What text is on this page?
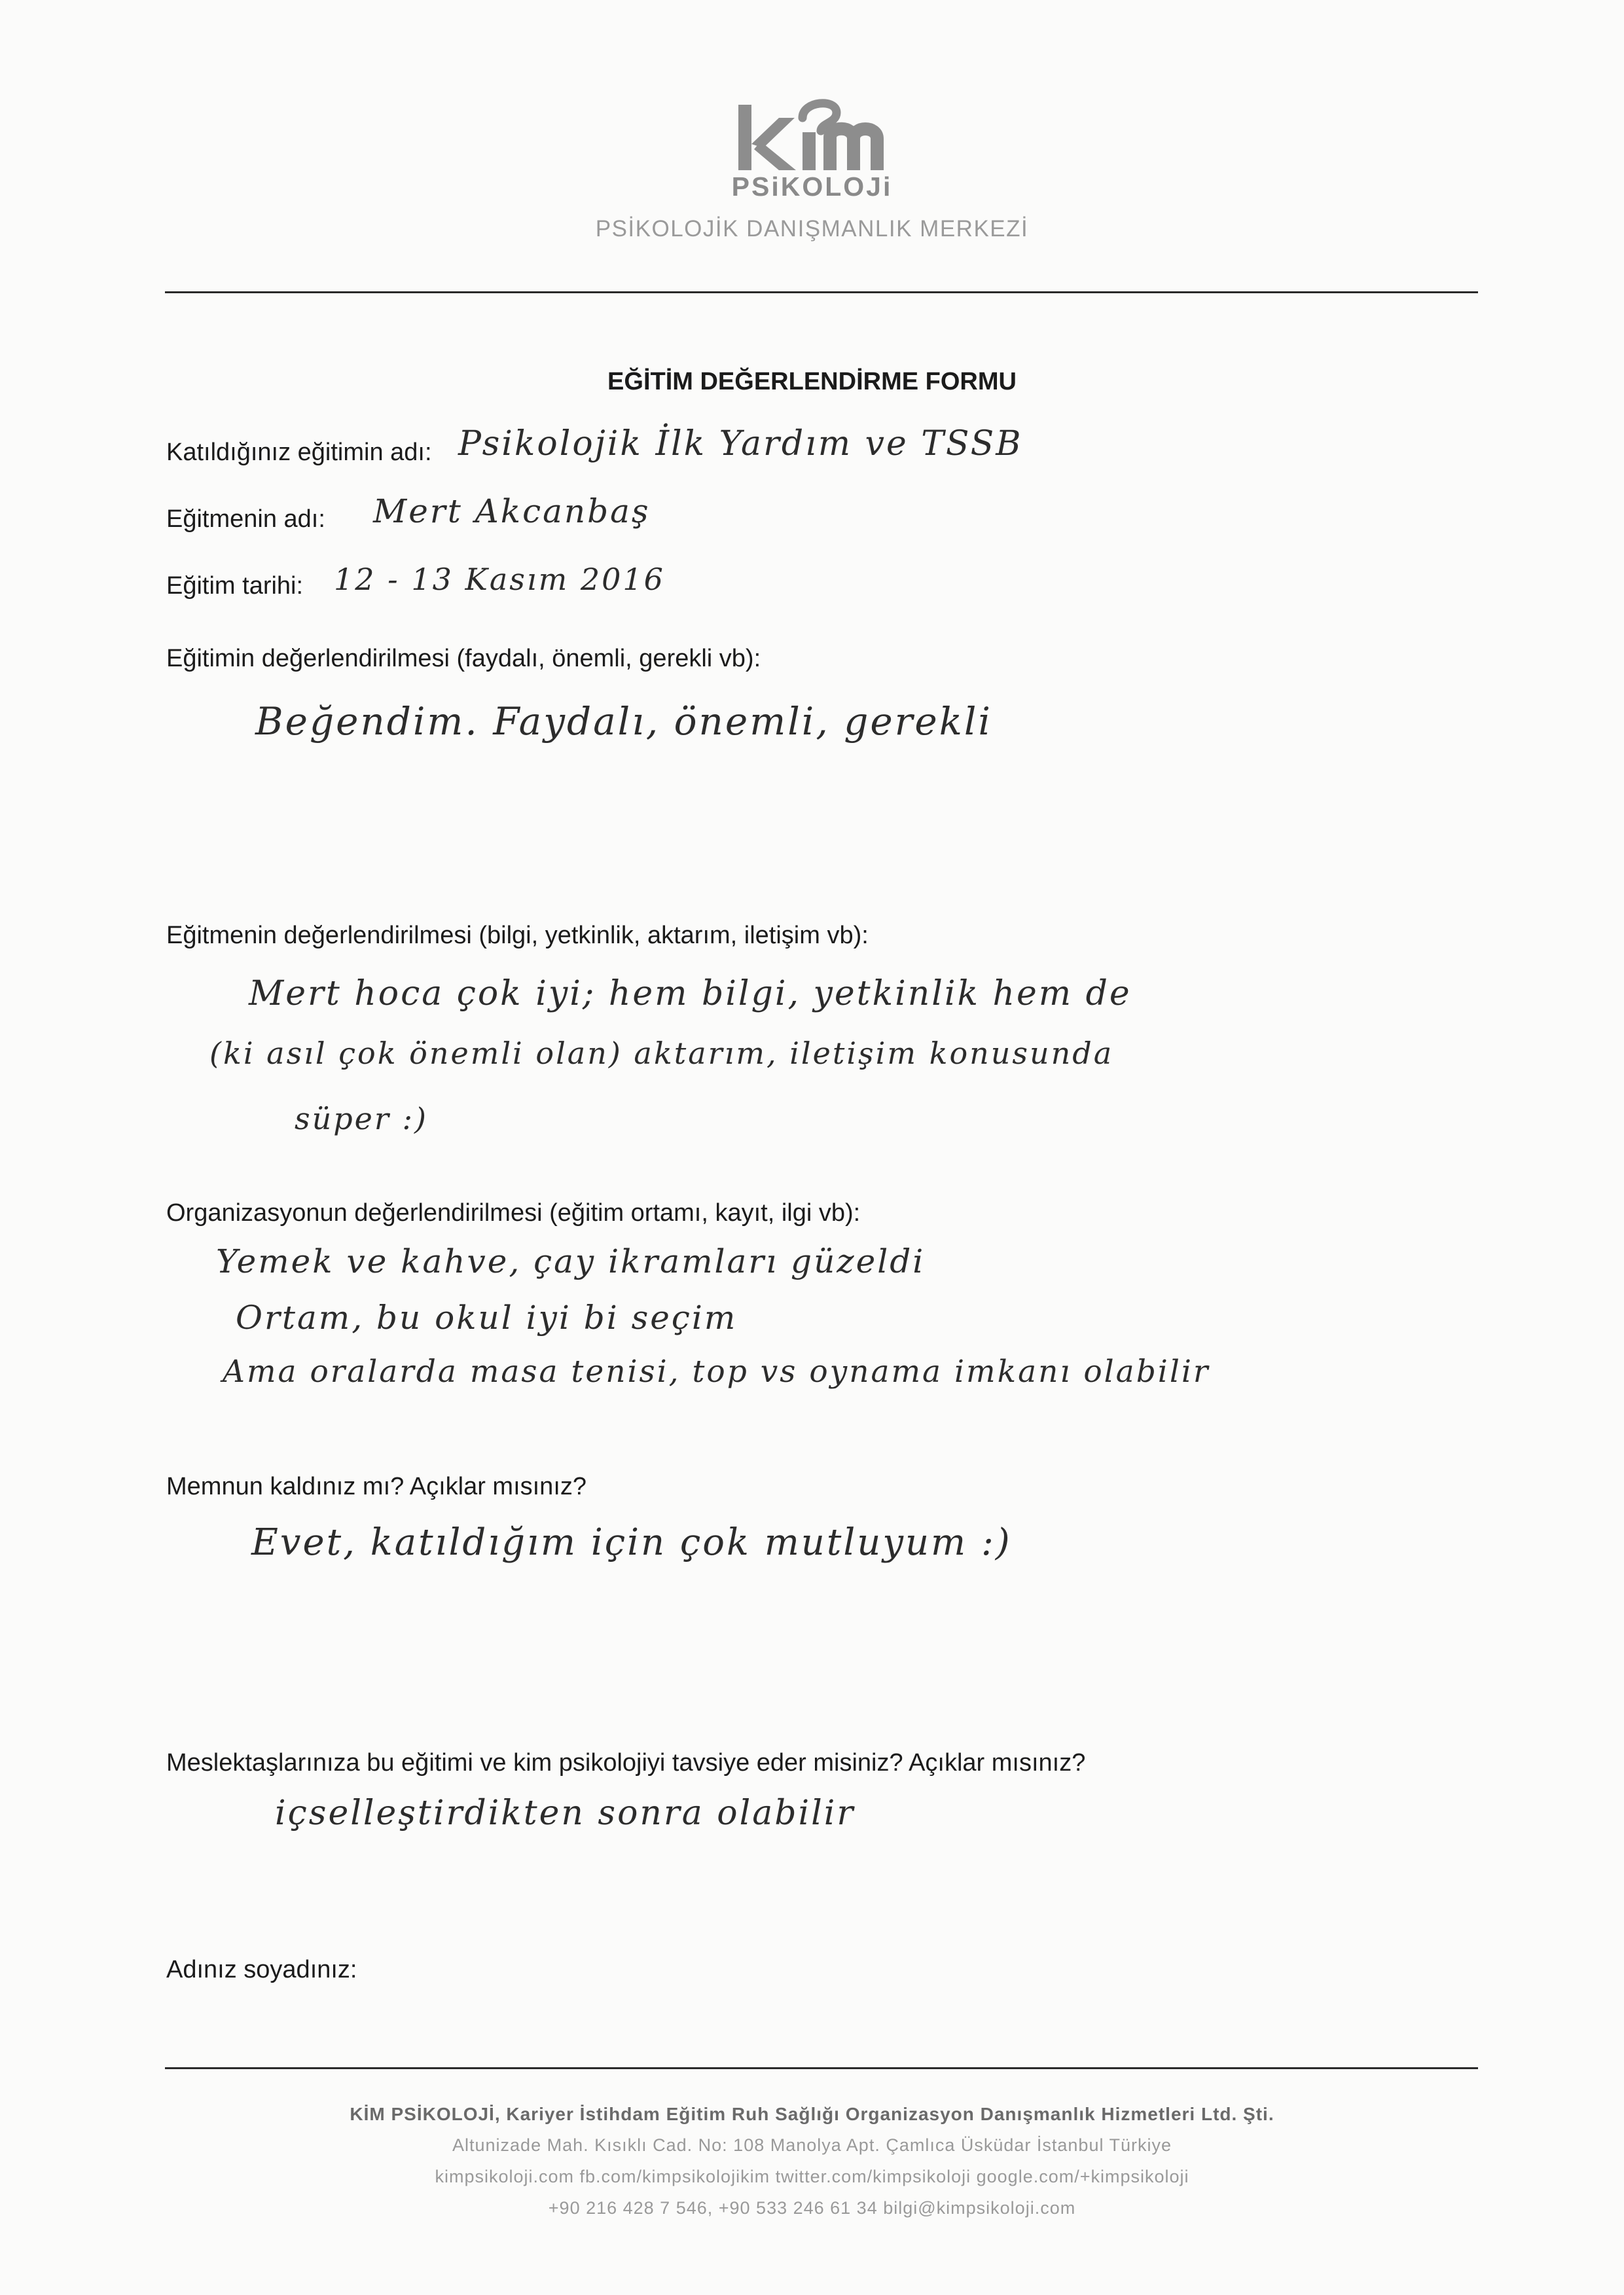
PSiKOLOJi
PSİKOLOJİK DANIŞMANLIK MERKEZİ
EĞİTİM DEĞERLENDİRME FORMU
Katıldığınız eğitimin adı: Psikolojik İlk Yardım ve TSSB
Eğitmenin adı: Mert Akcanbaş
Eğitim tarihi: 12 - 13 Kasım 2016
Eğitimin değerlendirilmesi (faydalı, önemli, gerekli vb):
Beğendim. Faydalı, önemli, gerekli
Eğitmenin değerlendirilmesi (bilgi, yetkinlik, aktarım, iletişim vb):
Mert hoca çok iyi; hem bilgi, yetkinlik hem de
(ki asıl çok önemli olan) aktarım, iletişim konusunda
süper :)
Organizasyonun değerlendirilmesi (eğitim ortamı, kayıt, ilgi vb):
Yemek ve kahve, çay ikramları güzeldi
Ortam, bu okul iyi bi seçim
Ama oralarda masa tenisi, top vs oynama imkanı olabilir
Memnun kaldınız mı? Açıklar mısınız?
Evet, katıldığım için çok mutluyum :)
Meslektaşlarınıza bu eğitimi ve kim psikolojiyi tavsiye eder misiniz? Açıklar mısınız?
içselleştirdikten sonra olabilir
Adınız soyadınız:
KİM PSİKOLOJİ, Kariyer İstihdam Eğitim Ruh Sağlığı Organizasyon Danışmanlık Hizmetleri Ltd. Şti.
Altunizade Mah. Kısıklı Cad. No: 108 Manolya Apt. Çamlıca Üsküdar İstanbul Türkiye
kimpsikoloji.com fb.com/kimpsikolojikim twitter.com/kimpsikoloji google.com/+kimpsikoloji
+90 216 428 7 546, +90 533 246 61 34 bilgi@kimpsikoloji.com
